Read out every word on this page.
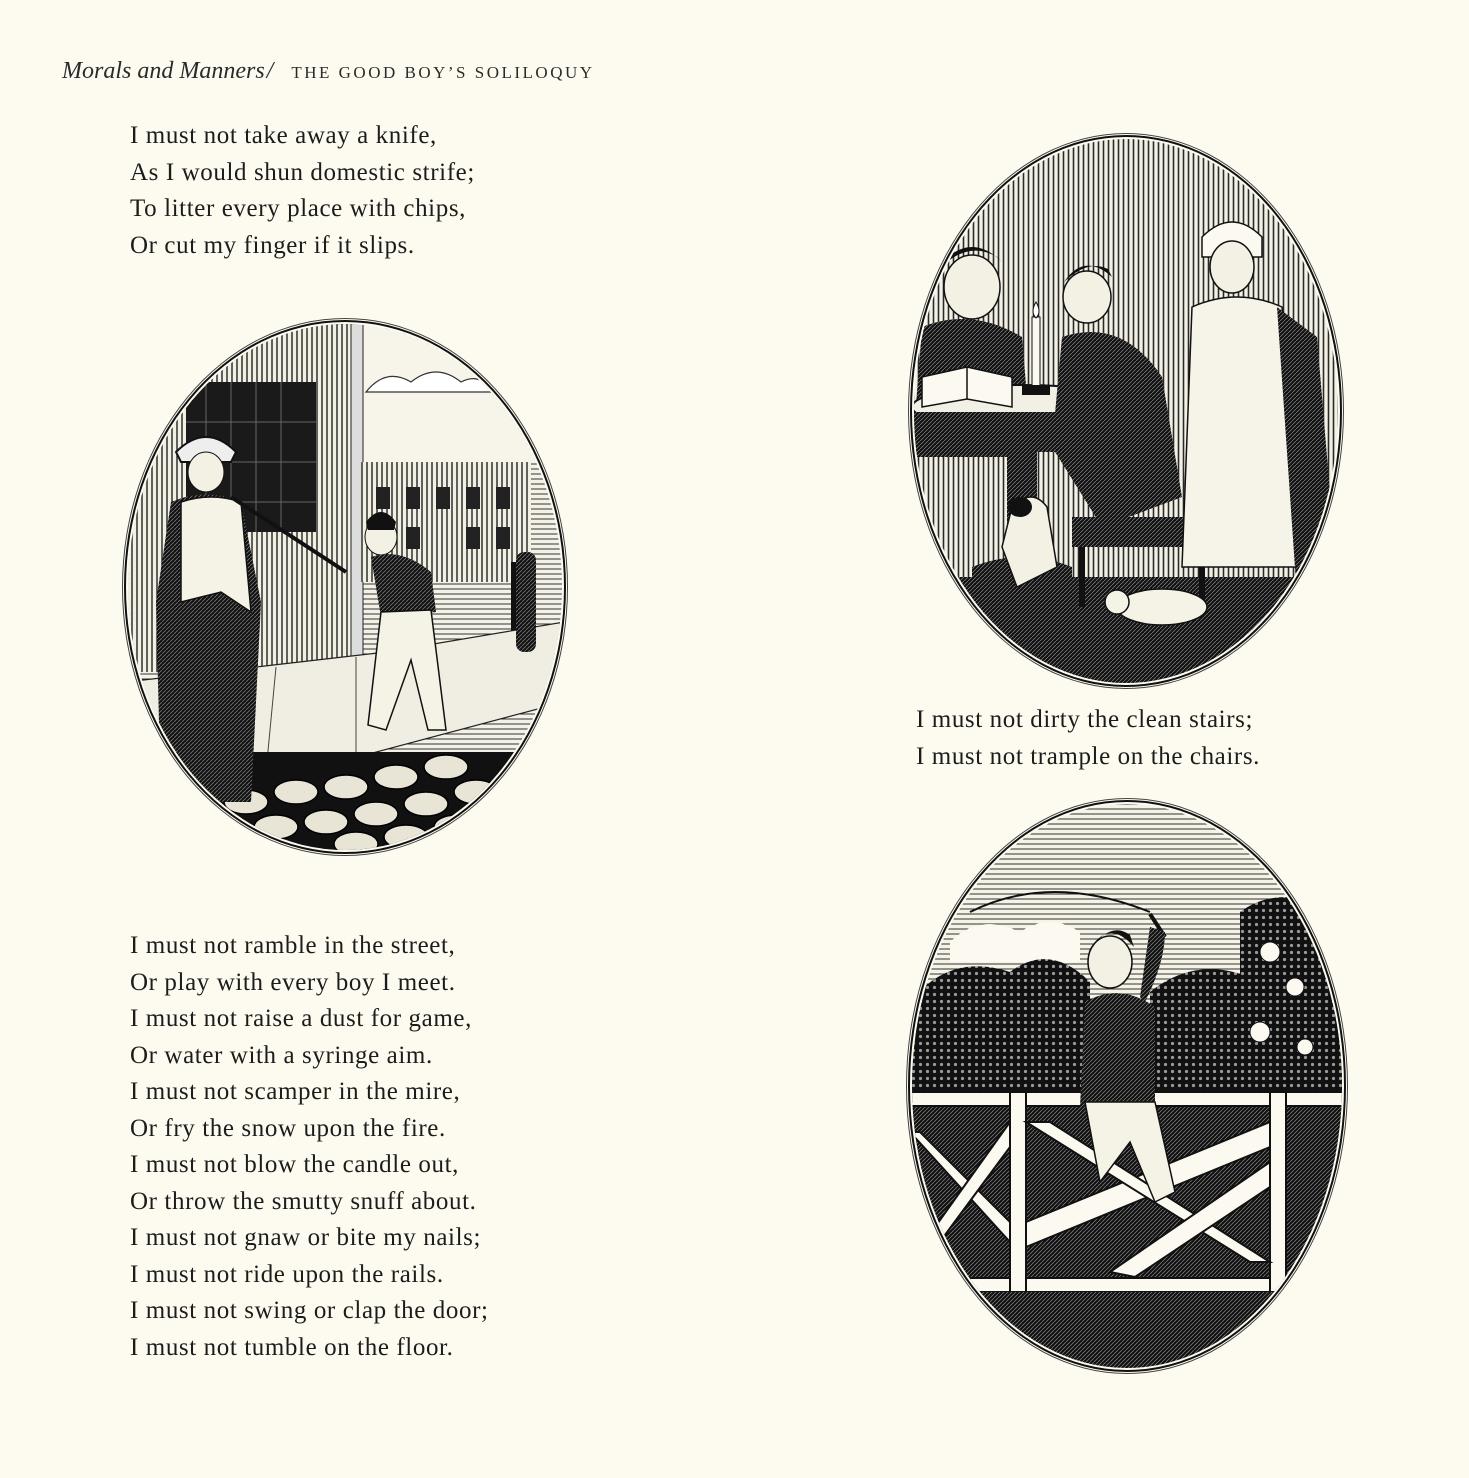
Morals and Manners/ THE GOOD BOY’S SOLILOQUY
I must not take away a knife,
As I would shun domestic strife;
To litter every place with chips,
Or cut my finger if it slips.
I must not ramble in the street,
Or play with every boy I meet.
I must not raise a dust for game,
Or water with a syringe aim.
I must not scamper in the mire,
Or fry the snow upon the fire.
I must not blow the candle out,
Or throw the smutty snuff about.
I must not gnaw or bite my nails;
I must not ride upon the rails.
I must not swing or clap the door;
I must not tumble on the floor.
I must not dirty the clean stairs;
I must not trample on the chairs.
